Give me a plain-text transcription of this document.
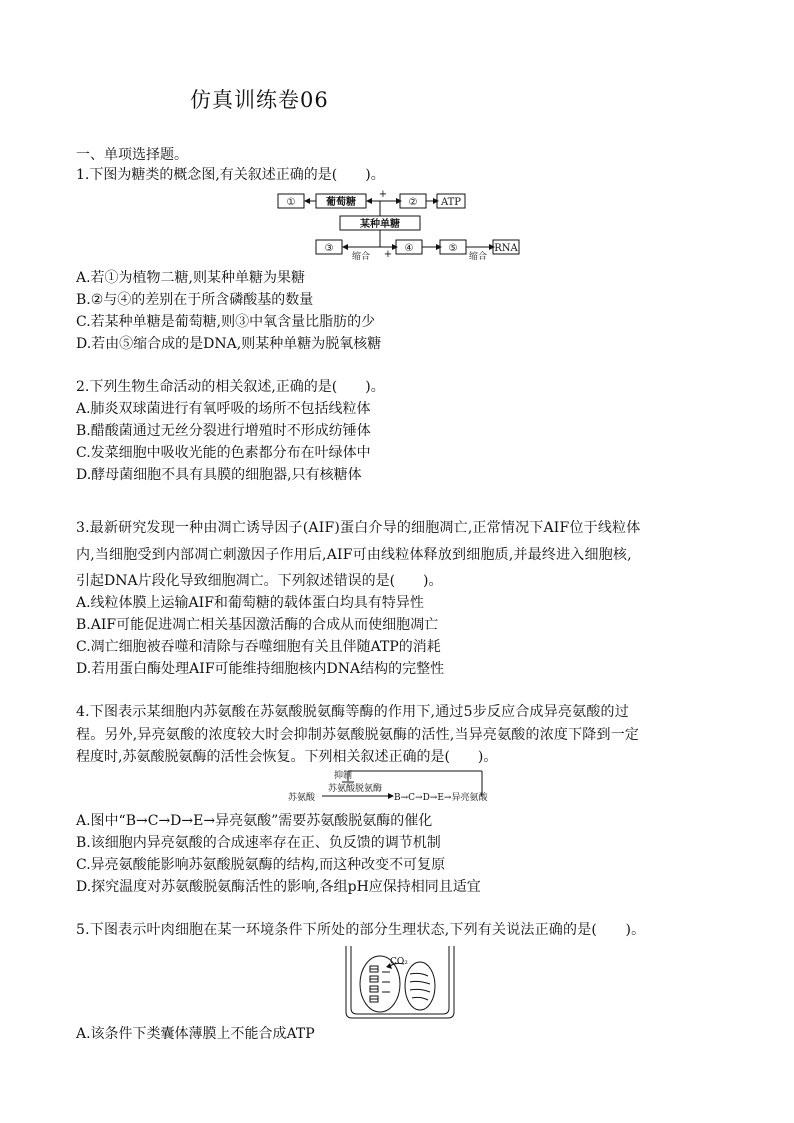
仿真训练卷06
一、单项选择题。
1.下图为糖类的概念图,有关叙述正确的是(　　)。
①	葡萄糖
+
② ATP
某种单糖
③
缩合 +
④	⑤
缩合
RNA
A.若①为植物二糖,则某种单糖为果糖
B.②与④的差别在于所含磷酸基的数量
C.若某种单糖是葡萄糖,则③中氧含量比脂肪的少
D.若由⑤缩合成的是DNA,则某种单糖为脱氧核糖
2.下列生物生命活动的相关叙述,正确的是(　　)。
A.肺炎双球菌进行有氧呼吸的场所不包括线粒体
B.醋酸菌通过无丝分裂进行增殖时不形成纺锤体
C.发菜细胞中吸收光能的色素都分布在叶绿体中
D.酵母菌细胞不具有具膜的细胞器,只有核糖体
3.最新研究发现一种由凋亡诱导因子(AIF)蛋白介导的细胞凋亡,正常情况下AIF位于线粒体
内,当细胞受到内部凋亡刺激因子作用后,AIF可由线粒体释放到细胞质,并最终进入细胞核,
引起DNA片段化导致细胞凋亡。下列叙述错误的是(　　)。
A.线粒体膜上运输AIF和葡萄糖的载体蛋白均具有特异性
B.AIF可能促进凋亡相关基因激活酶的合成从而使细胞凋亡
C.凋亡细胞被吞噬和清除与吞噬细胞有关且伴随ATP的消耗
D.若用蛋白酶处理AIF可能维持细胞核内DNA结构的完整性
4.下图表示某细胞内苏氨酸在苏氨酸脱氨酶等酶的作用下,通过5步反应合成异亮氨酸的过
程。另外,异亮氨酸的浓度较大时会抑制苏氨酸脱氨酶的活性,当异亮氨酸的浓度下降到一定
程度时,苏氨酸脱氨酶的活性会恢复。下列相关叙述正确的是(　　)。
抑制
苏氨酸脱氨酶
苏氨酸	B→C→D→E→异亮氨酸
A.图中“B→C→D→E→异亮氨酸”需要苏氨酸脱氨酶的催化
B.该细胞内异亮氨酸的合成速率存在正、负反馈的调节机制
C.异亮氨酸能影响苏氨酸脱氨酶的结构,而这种改变不可复原
D.探究温度对苏氨酸脱氨酶活性的影响,各组pH应保持相同且适宜
5.下图表示叶肉细胞在某一环境条件下所处的部分生理状态,下列有关说法正确的是(　　)。
CO₂
A.该条件下类囊体薄膜上不能合成ATP
